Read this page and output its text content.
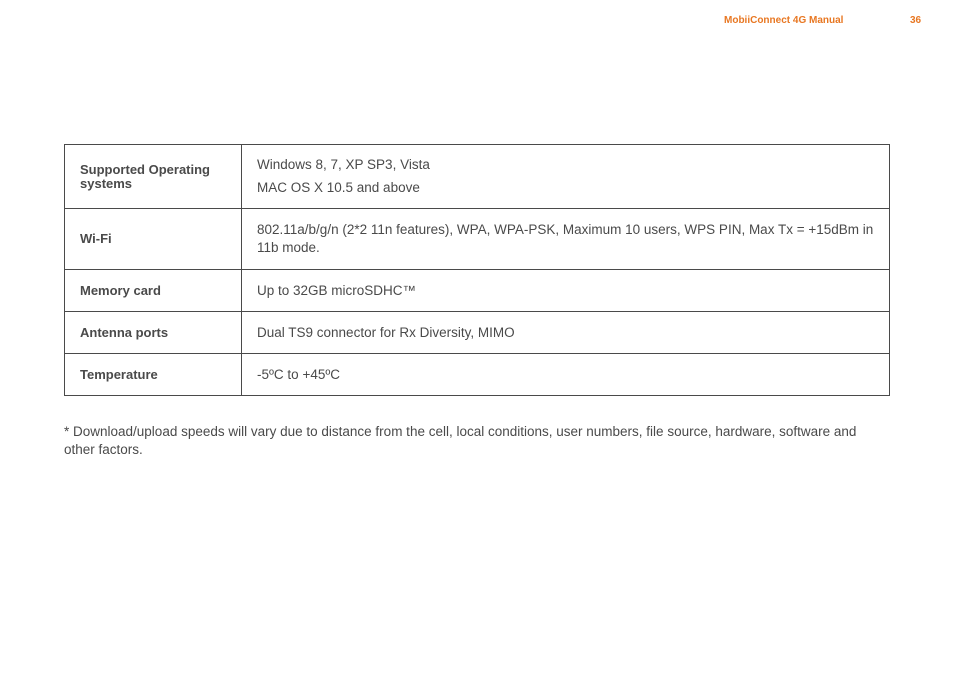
MobiiConnect 4G Manual	36
Supported Operating systems	Windows 8, 7, XP SP3, Vista
MAC OS X 10.5 and above

Wi-Fi	802.11a/b/g/n (2*2 11n features), WPA, WPA-PSK, Maximum 10 users, WPS PIN, Max Tx = +15dBm in 11b mode.

Memory card	Up to 32GB microSDHC™

Antenna ports	Dual TS9 connector for Rx Diversity, MIMO

Temperature	-5ºC to +45ºC
* Download/upload speeds will vary due to distance from the cell, local conditions, user numbers, file source, hardware, software and other factors.
